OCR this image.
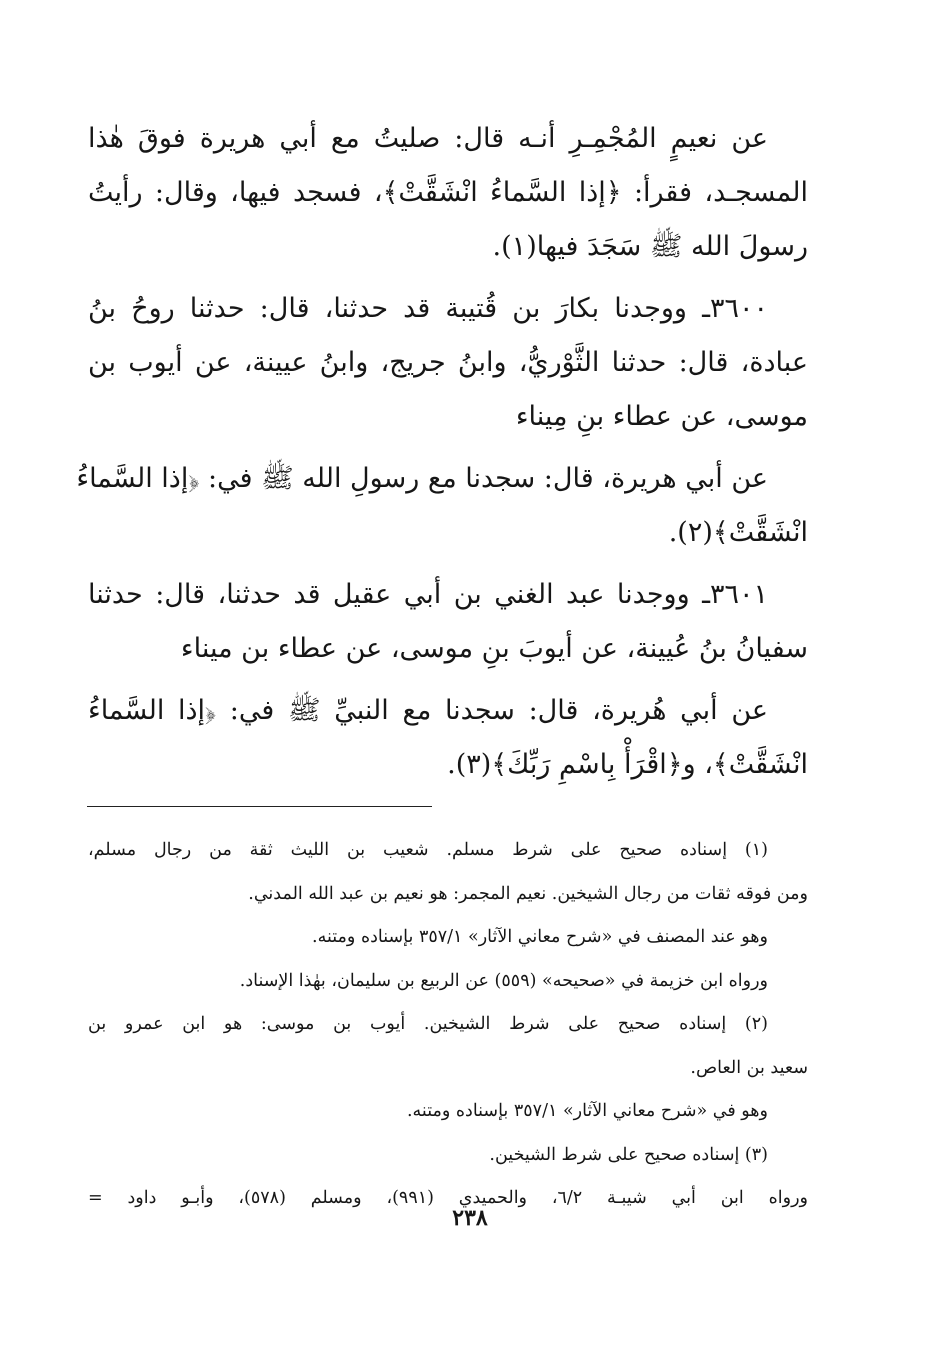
عن نعيمٍ المُجْمِـرِ أنـه قال: صليتُ مع أبي هريرة فوقَ هٰذا
المسجـد، فقرأ: ﴿إذا السَّماءُ انْشَقَّتْ﴾، فسجد فيها، وقال: رأيتُ
رسولَ الله ﷺ سَجَدَ فيها(١).

٣٦٠٠ـ ووجدنا بكارَ بن قُتيبة قد حدثنا، قال: حدثنا روحُ بنُ
عبادة، قال: حدثنا الثَّوْريُّ، وابنُ جريج، وابنُ عيينة، عن أيوب بن
موسى، عن عطاء بنِ مِيناء

عن أبي هريرة، قال: سجدنا مع رسولِ الله ﷺ في: ﴿إذا السَّماءُ
انْشَقَّتْ﴾(٢).

٣٦٠١ـ ووجدنا عبد الغني بن أبي عقيل قد حدثنا، قال: حدثنا
سفيانُ بنُ عُيينة، عن أيوبَ بنِ موسى، عن عطاء بن ميناء

عن أبي هُريرة، قال: سجدنا مع النبيِّ ﷺ في: ﴿إذا السَّماءُ
انْشَقَّتْ﴾، و﴿اقْرَأْ بِاسْمِ رَبِّكَ﴾(٣).

(١) إسناده صحيح على شرط مسلم. شعيب بن الليث ثقة من رجال مسلم،
ومن فوقه ثقات من رجال الشيخين. نعيم المجمر: هو نعيم بن عبد الله المدني.
وهو عند المصنف في «شرح معاني الآثار» ٣٥٧/١ بإسناده ومتنه.
ورواه ابن خزيمة في «صحيحه» (٥٥٩) عن الربيع بن سليمان، بهٰذا الإسناد.
(٢) إسناده صحيح على شرط الشيخين. أيوب بن موسى: هو ابن عمرو بن
سعيد بن العاص.
وهو في «شرح معاني الآثار» ٣٥٧/١ بإسناده ومتنه.
(٣) إسناده صحيح على شرط الشيخين.
ورواه ابن أبي شيبـة ٦/٢، والحميدي (٩٩١)، ومسلم (٥٧٨)، وأبـو داود =
٢٣٨
